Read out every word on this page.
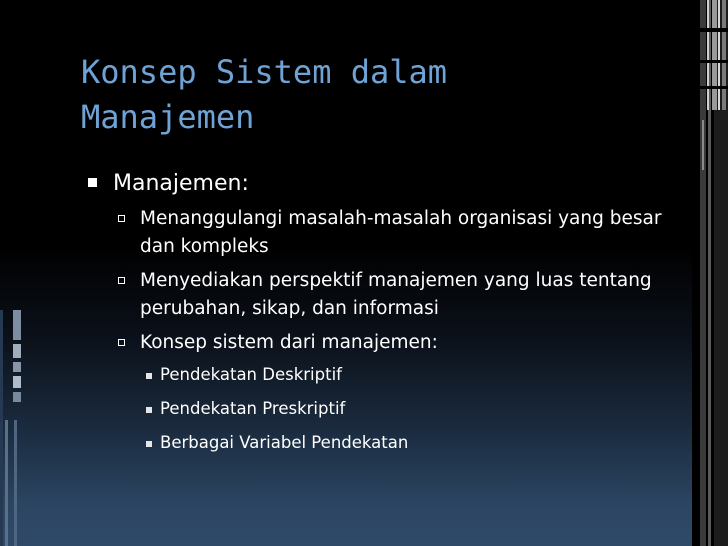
Konsep Sistem dalam
Manajemen
Manajemen:
Menanggulangi masalah-masalah organisasi yang besar dan kompleks
Menyediakan perspektif manajemen yang luas tentang perubahan, sikap, dan informasi
Konsep sistem dari manajemen:
Pendekatan Deskriptif
Pendekatan Preskriptif
Berbagai Variabel Pendekatan
